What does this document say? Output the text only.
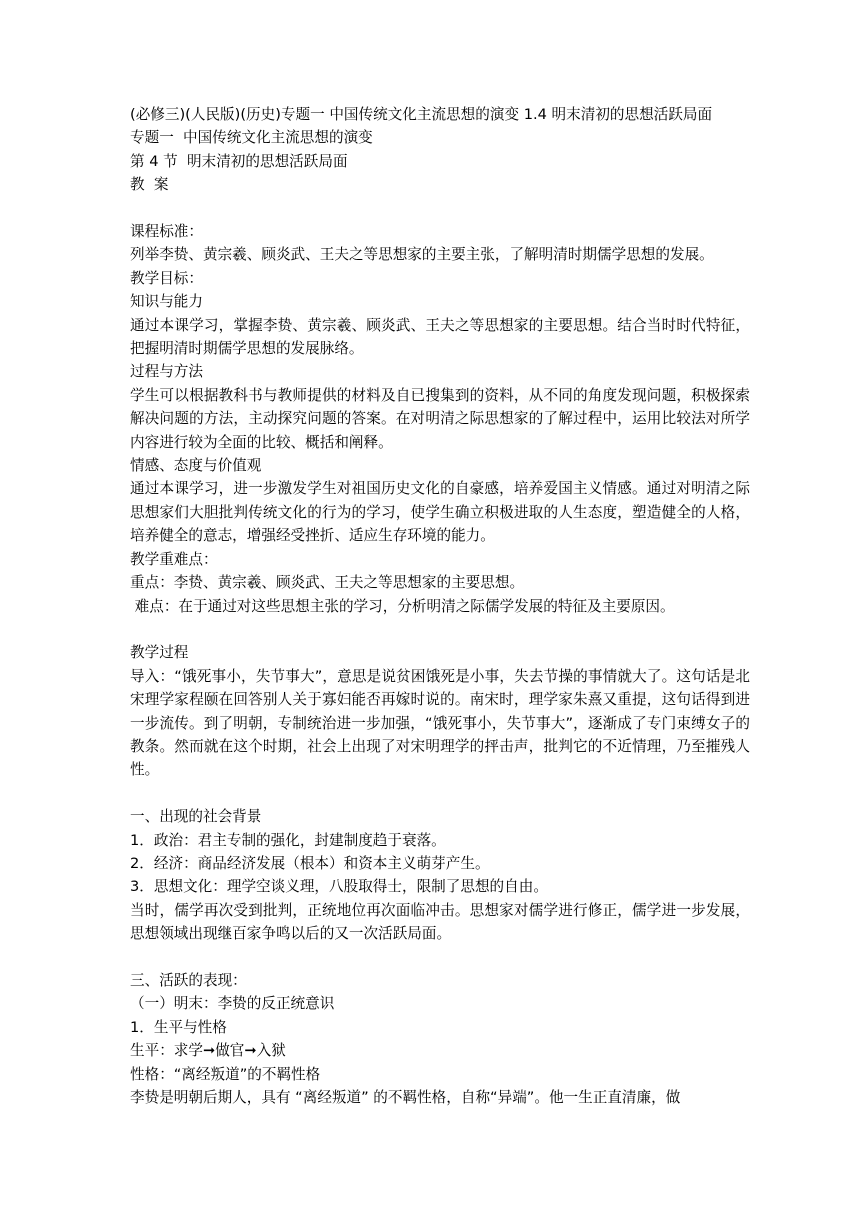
(必修三)(人民版)(历史)专题一 中国传统文化主流思想的演变 1.4 明末清初的思想活跃局面

专题一  中国传统文化主流思想的演变

第 4 节  明末清初的思想活跃局面

教  案

课程标准：

列举李贽、黄宗羲、顾炎武、王夫之等思想家的主要主张，了解明清时期儒学思想的发展。

教学目标：

知识与能力

通过本课学习，掌握李贽、黄宗羲、顾炎武、王夫之等思想家的主要思想。结合当时时代特征，把握明清时期儒学思想的发展脉络。

过程与方法

学生可以根据教科书与教师提供的材料及自已搜集到的资料，从不同的角度发现问题，积极探索解决问题的方法，主动探究问题的答案。在对明清之际思想家的了解过程中，运用比较法对所学内容进行较为全面的比较、概括和阐释。

情感、态度与价值观

通过本课学习，进一步激发学生对祖国历史文化的自豪感，培养爱国主义情感。通过对明清之际思想家们大胆批判传统文化的行为的学习，使学生确立积极进取的人生态度，塑造健全的人格，培养健全的意志，增强经受挫折、适应生存环境的能力。

教学重难点：

重点：李贽、黄宗羲、顾炎武、王夫之等思想家的主要思想。

难点：在于通过对这些思想主张的学习，分析明清之际儒学发展的特征及主要原因。

教学过程

导入：“饿死事小，失节事大”，意思是说贫困饿死是小事，失去节操的事情就大了。这句话是北宋理学家程颐在回答别人关于寡妇能否再嫁时说的。南宋时，理学家朱熹又重提，这句话得到进一步流传。到了明朝，专制统治进一步加强，“饿死事小，失节事大”，逐渐成了专门束缚女子的教条。然而就在这个时期，社会上出现了对宋明理学的抨击声，批判它的不近情理，乃至摧残人性。

一、出现的社会背景

1．政治：君主专制的强化，封建制度趋于衰落。

2．经济：商品经济发展（根本）和资本主义萌芽产生。

3．思想文化：理学空谈义理，八股取得士，限制了思想的自由。

当时，儒学再次受到批判，正统地位再次面临冲击。思想家对儒学进行修正，儒学进一步发展，思想领域出现继百家争鸣以后的又一次活跃局面。

三、活跃的表现：

（一）明末：李贽的反正统意识

1．生平与性格

生平：求学➞做官➞入狱

性格：“离经叛道”的不羁性格

李贽是明朝后期人，具有 “离经叛道” 的不羁性格，自称“异端”。他一生正直清廉，做
